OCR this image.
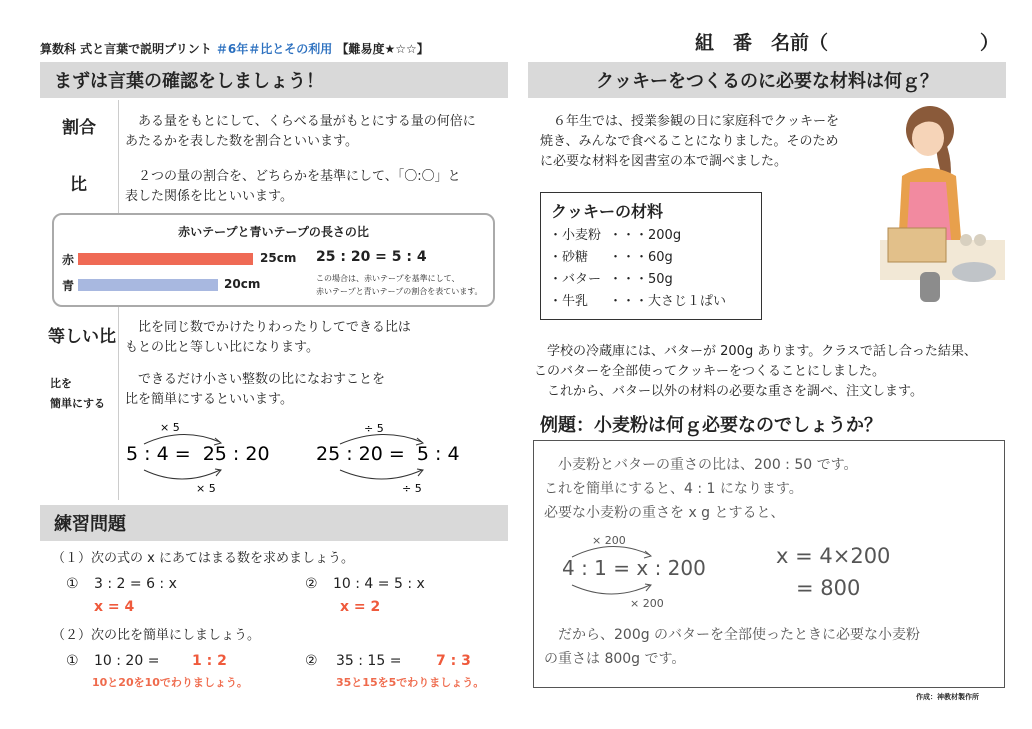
算数科 式と言葉で説明プリント ＃6年＃比とその利用 【難易度★☆☆】	組　番　名前（　　　　　　　　）
まずは言葉の確認をしましょう！
割合 　ある量をもとにして、くらべる量がもとにする量の何倍に
あたるかを表した数を割合といいます。
比	　２つの量の割合を、どちらかを基準にして、「〇:〇」と
表した関係を比といいます。
赤いテープと青いテープの長さの比
赤	25cm
青	20cm
25 : 20 = 5 : 4
この場合は、赤いテープを基準にして、
赤いテープと青いテープの割合を表ています。
等しい比 　比を同じ数でかけたりわったりしてできる比は
もとの比と等しい比になります。
比を
簡単にする
　できるだけ小さい整数の比になおすことを
比を簡単にするといいます。
× 5
5 : 4 =  25 : 20
× 5
÷ 5
25 : 20 =  5 : 4
÷ 5
練習問題
（１）次の式の x にあてはまる数を求めましょう。
① 3 : 2 = 6 : x
x = 4
② 10 : 4 = 5 : x
x = 2
（２）次の比を簡単にしましょう。
① 10 : 20 = 1 : 2
10と20を10でわりましょう。
② 35 : 15 = 7 : 3
35と15を5でわりましょう。
クッキーをつくるのに必要な材料は何ｇ？
　６年生では、授業参観の日に家庭科でクッキーを
焼き、みんなで食べることになりました。そのため
に必要な材料を図書室の本で調べました。
クッキーの材料
・小麦粉 ・・・200g
・砂糖	・・・60g
・バター ・・・50g
・牛乳	・・・大さじ１ぱい
　学校の冷蔵庫には、バターが 200g あります。クラスで話し合った結果、
このバターを全部使ってクッキーをつくることにしました。
　これから、バター以外の材料の必要な重さを調べ、注文します。
例題：小麦粉は何ｇ必要なのでしょうか？
　小麦粉とバターの重さの比は、200 : 50 です。
これを簡単にすると、4 : 1 になります。
必要な小麦粉の重さを x g とすると、
× 200
4 : 1 = x : 200
× 200
x = 4×200
= 800
　だから、200g のバターを全部使ったときに必要な小麦粉
の重さは 800g です。
作成：神教材製作所
